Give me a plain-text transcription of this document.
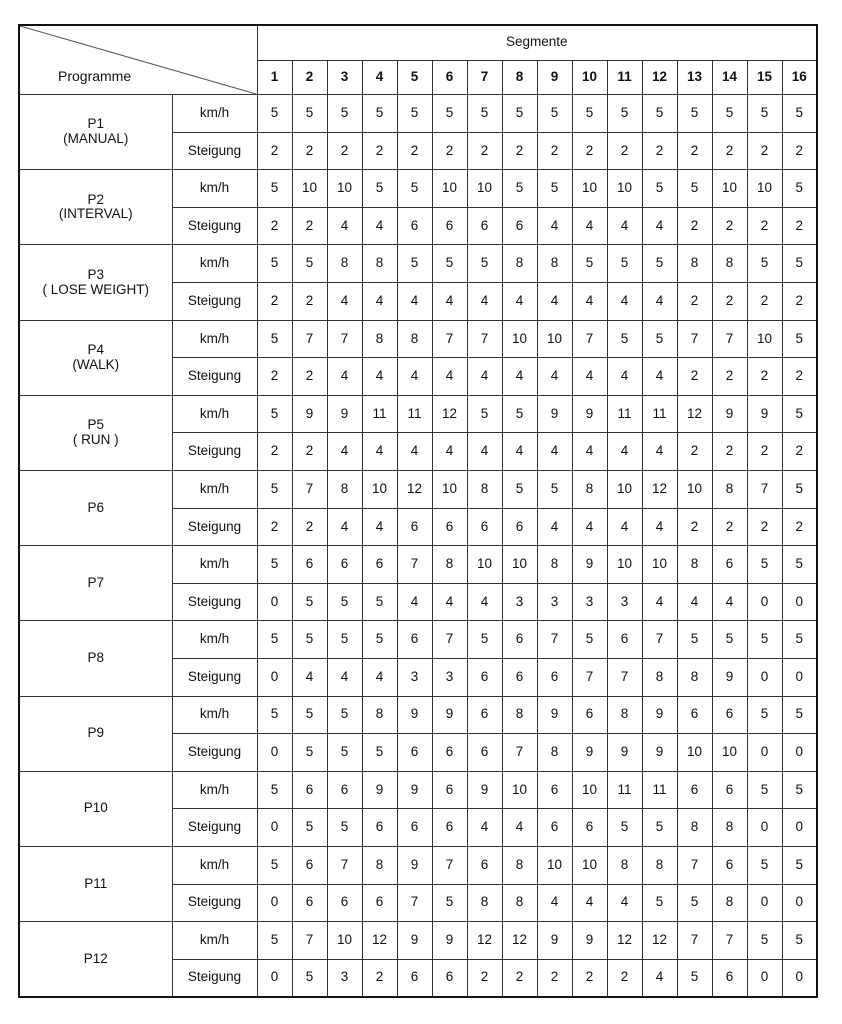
Programme		Segmente															
		1	2	3	4	5	6	7	8	9	10	11	12	13	14	15	16

P1
(MANUAL)	km/h	5	5	5	5	5	5	5	5	5	5	5	5	5	5	5	5
	Steigung	2	2	2	2	2	2	2	2	2	2	2	2	2	2	2	2

P2
(INTERVAL)	km/h	5	10	10	5	5	10	10	5	5	10	10	5	5	10	10	5
	Steigung	2	2	4	4	6	6	6	6	4	4	4	4	2	2	2	2

P3
( LOSE WEIGHT)	km/h	5	5	8	8	5	5	5	8	8	5	5	5	8	8	5	5
	Steigung	2	2	4	4	4	4	4	4	4	4	4	4	2	2	2	2

P4
(WALK)	km/h	5	7	7	8	8	7	7	10	10	7	5	5	7	7	10	5
	Steigung	2	2	4	4	4	4	4	4	4	4	4	4	2	2	2	2

P5
( RUN )	km/h	5	9	9	11	11	12	5	5	9	9	11	11	12	9	9	5
	Steigung	2	2	4	4	4	4	4	4	4	4	4	4	2	2	2	2

P6	km/h	5	7	8	10	12	10	8	5	5	8	10	12	10	8	7	5
	Steigung	2	2	4	4	6	6	6	6	4	4	4	4	2	2	2	2

P7	km/h	5	6	6	6	7	8	10	10	8	9	10	10	8	6	5	5
	Steigung	0	5	5	5	4	4	4	3	3	3	3	4	4	4	0	0

P8	km/h	5	5	5	5	6	7	5	6	7	5	6	7	5	5	5	5
	Steigung	0	4	4	4	3	3	6	6	6	7	7	8	8	9	0	0

P9	km/h	5	5	5	8	9	9	6	8	9	6	8	9	6	6	5	5
	Steigung	0	5	5	5	6	6	6	7	8	9	9	9	10	10	0	0

P10	km/h	5	6	6	9	9	6	9	10	6	10	11	11	6	6	5	5
	Steigung	0	5	5	6	6	6	4	4	6	6	5	5	8	8	0	0

P11	km/h	5	6	7	8	9	7	6	8	10	10	8	8	7	6	5	5
	Steigung	0	6	6	6	7	5	8	8	4	4	4	5	5	8	0	0

P12	km/h	5	7	10	12	9	9	12	12	9	9	12	12	7	7	5	5
	Steigung	0	5	3	2	6	6	2	2	2	2	2	4	5	6	0	0
